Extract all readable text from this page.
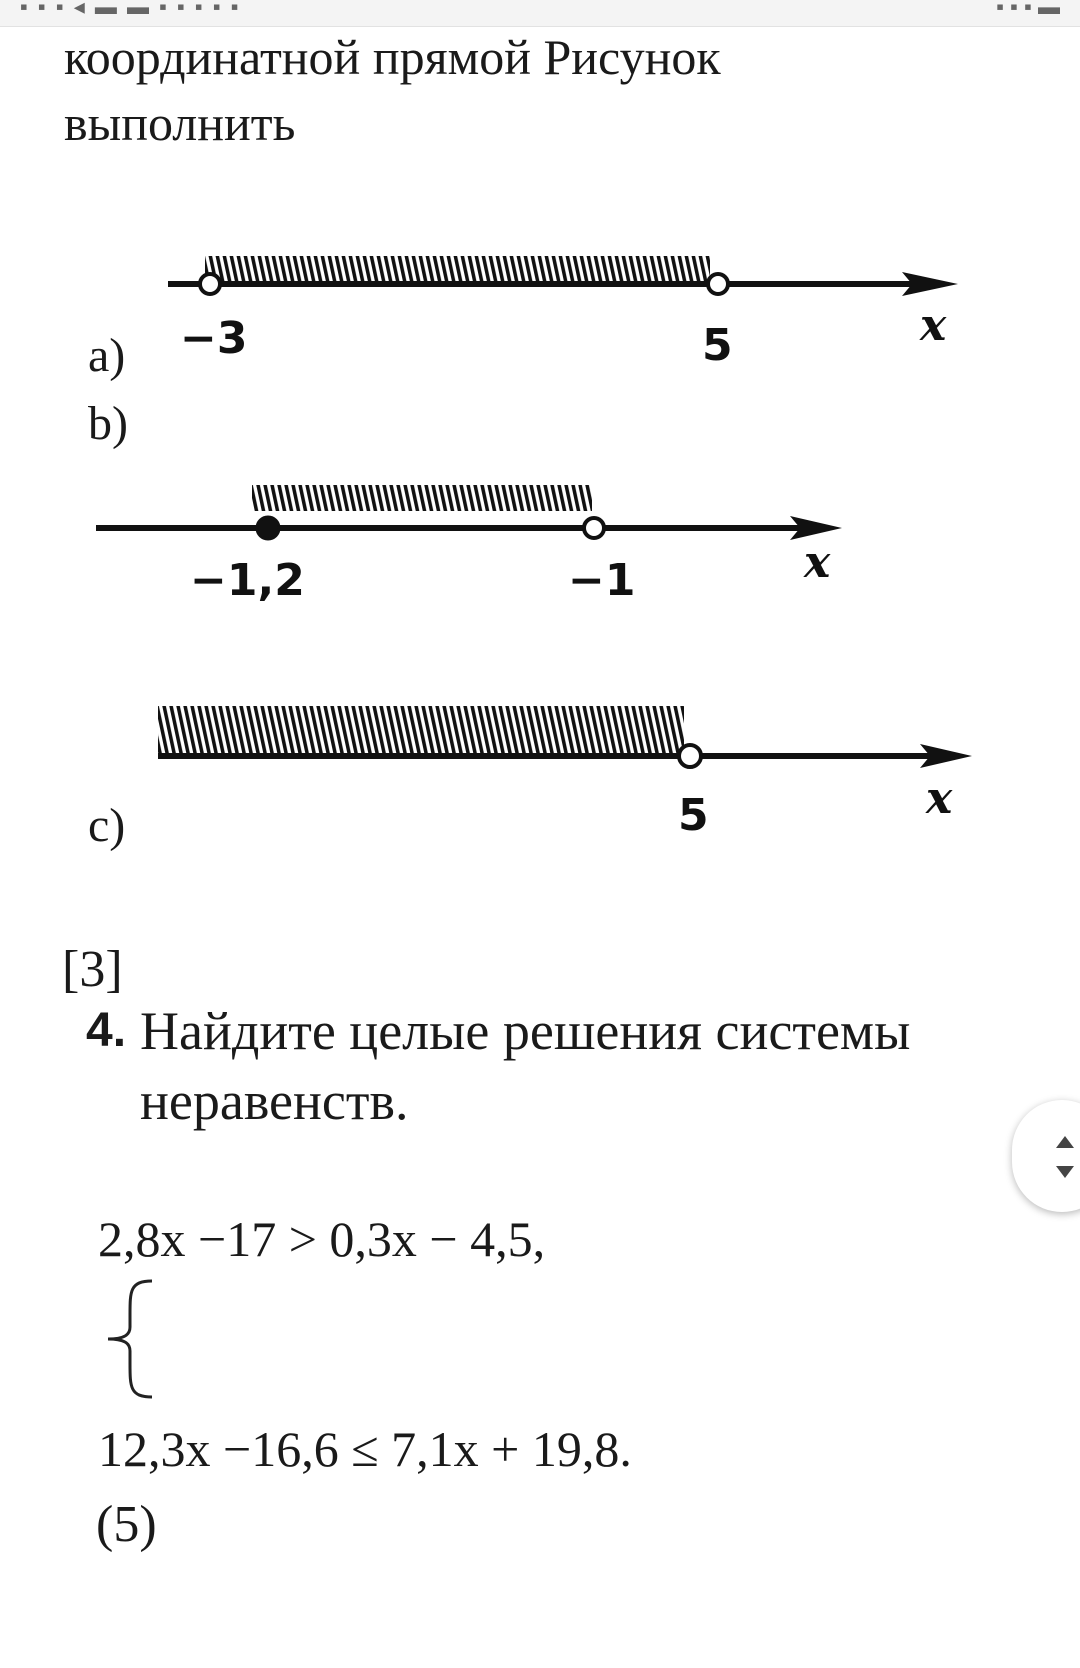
▪ ▪ ▪ ◂ ▬ ▬ ▪ ▪ ▪ ▪ ▪	▪ ▪ ▪ ▬
координатной прямой Рисунок
выполнить
a) −3	5	x
b)
−1,2	−1	x
5	x
c)
[3]
4. Найдите целые решения системы
неравенств.
2,8x −17 > 0,3x − 4,5,
12,3x −16,6 ≤ 7,1x + 19,8.
(5)
